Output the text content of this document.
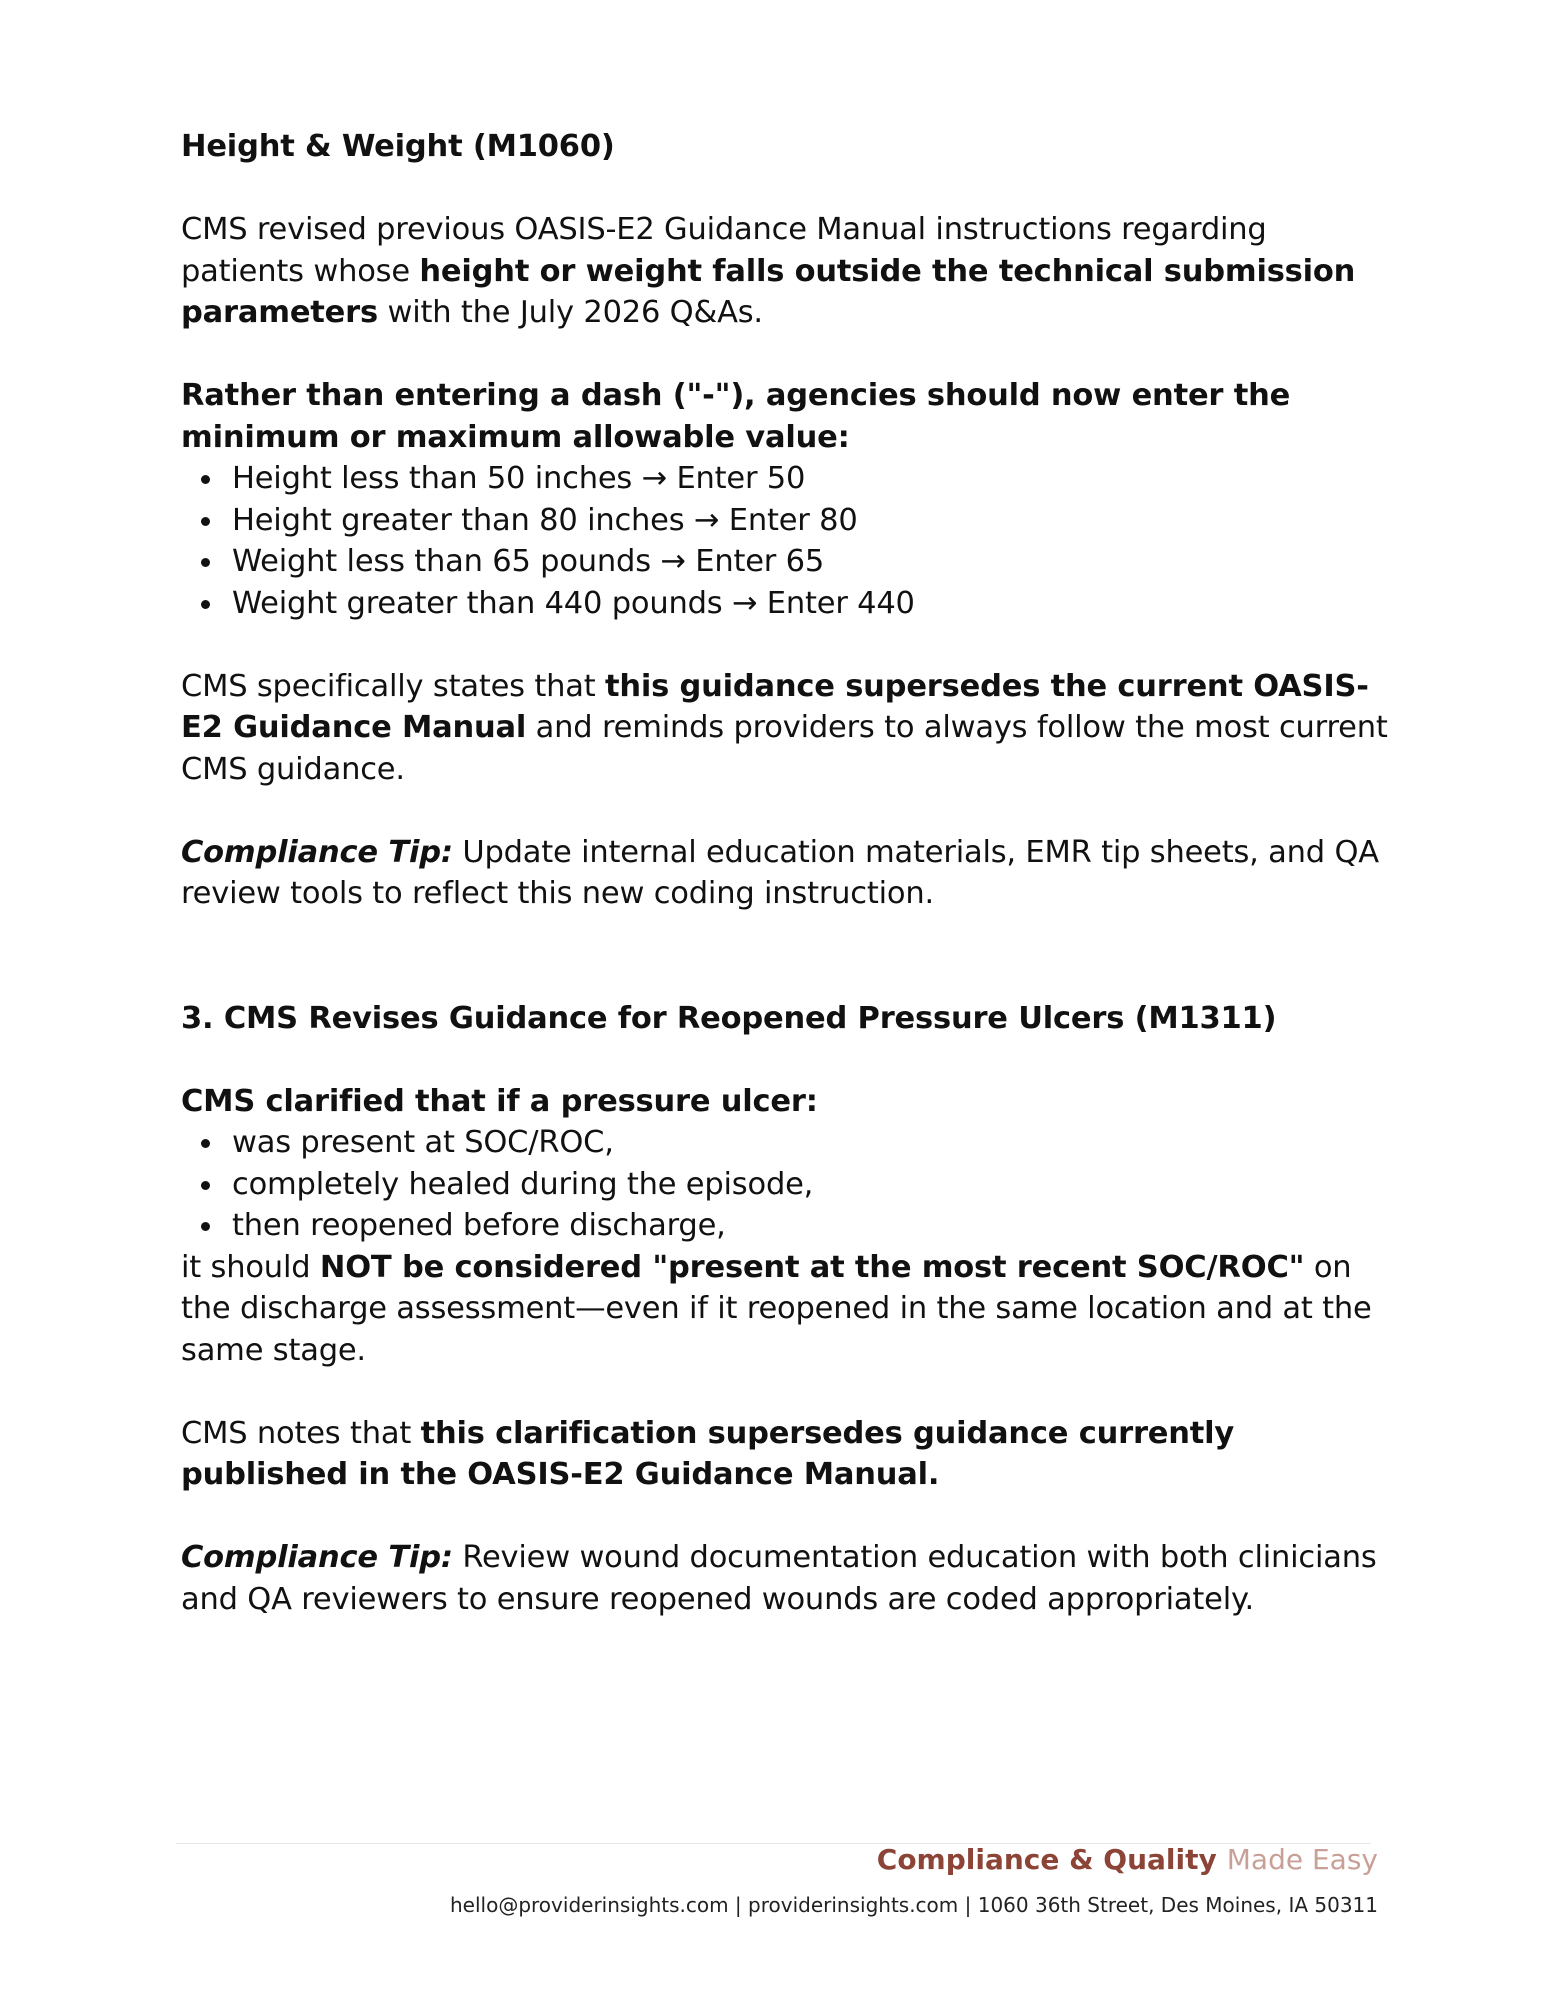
Height & Weight (M1060)

CMS revised previous OASIS-E2 Guidance Manual instructions regarding patients whose height or weight falls outside the technical submission parameters with the July 2026 Q&As.

Rather than entering a dash ("-"), agencies should now enter the minimum or maximum allowable value:

Height less than 50 inches → Enter 50
Height greater than 80 inches → Enter 80
Weight less than 65 pounds → Enter 65
Weight greater than 440 pounds → Enter 440

CMS specifically states that this guidance supersedes the current OASIS-E2 Guidance Manual and reminds providers to always follow the most current CMS guidance.

Compliance Tip: Update internal education materials, EMR tip sheets, and QA review tools to reflect this new coding instruction.

3. CMS Revises Guidance for Reopened Pressure Ulcers (M1311)

CMS clarified that if a pressure ulcer:

was present at SOC/ROC,
completely healed during the episode,
then reopened before discharge,

it should NOT be considered "present at the most recent SOC/ROC" on the discharge assessment—even if it reopened in the same location and at the same stage.

CMS notes that this clarification supersedes guidance currently published in the OASIS-E2 Guidance Manual.

Compliance Tip: Review wound documentation education with both clinicians and QA reviewers to ensure reopened wounds are coded appropriately.

Compliance & Quality Made Easy
hello@providerinsights.com | providerinsights.com | 1060 36th Street, Des Moines, IA 50311
